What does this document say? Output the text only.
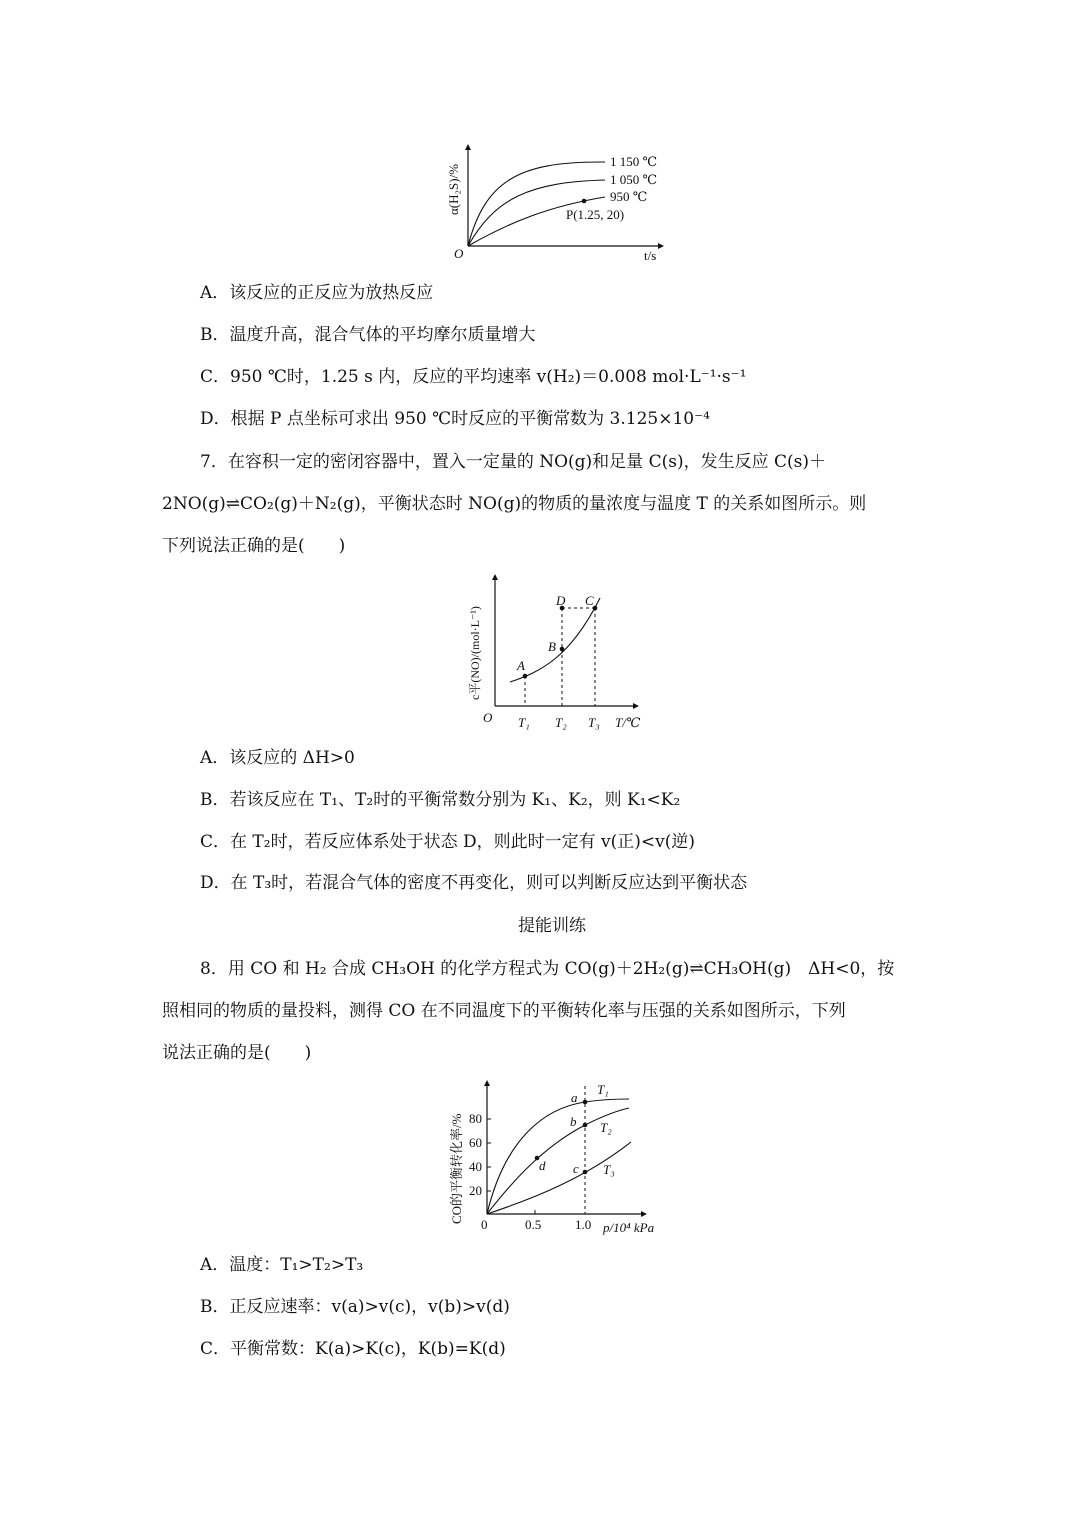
α(H₂S)/%
O	t/s
1 150 ℃
1 050 ℃
950 ℃
P(1.25, 20)
A．该反应的正反应为放热反应
B．温度升高，混合气体的平均摩尔质量增大
C．950 ℃时，1.25 s 内，反应的平均速率 v(H₂)＝0.008 mol·L⁻¹·s⁻¹
D．根据 P 点坐标可求出 950 ℃时反应的平衡常数为 3.125×10⁻⁴
7．在容积一定的密闭容器中，置入一定量的 NO(g)和足量 C(s)，发生反应 C(s)＋
2NO(g)⇌CO₂(g)＋N₂(g)，平衡状态时 NO(g)的物质的量浓度与温度 T 的关系如图所示。则
下列说法正确的是(　　)
c平(NO)/(mol·L⁻¹)
O	T/℃
A
B
C
D
T₁ T₂ T₃
A．该反应的 ΔH>0
B．若该反应在 T₁、T₂时的平衡常数分别为 K₁、K₂，则 K₁<K₂
C．在 T₂时，若反应体系处于状态 D，则此时一定有 v(正)<v(逆)
D．在 T₃时，若混合气体的密度不再变化，则可以判断反应达到平衡状态
提能训练
8．用 CO 和 H₂ 合成 CH₃OH 的化学方程式为 CO(g)＋2H₂(g)⇌CH₃OH(g)　ΔH<0，按
照相同的物质的量投料，测得 CO 在不同温度下的平衡转化率与压强的关系如图所示，下列
说法正确的是(　　)
CO的平衡转化率/% 20
40
60
80
0	0.5	1.0 p/10⁴ kPa
T₁
T₂
T₃
a
b
c
d
A．温度：T₁>T₂>T₃
B．正反应速率：v(a)>v(c)，v(b)>v(d)
C．平衡常数：K(a)>K(c)，K(b)=K(d)
